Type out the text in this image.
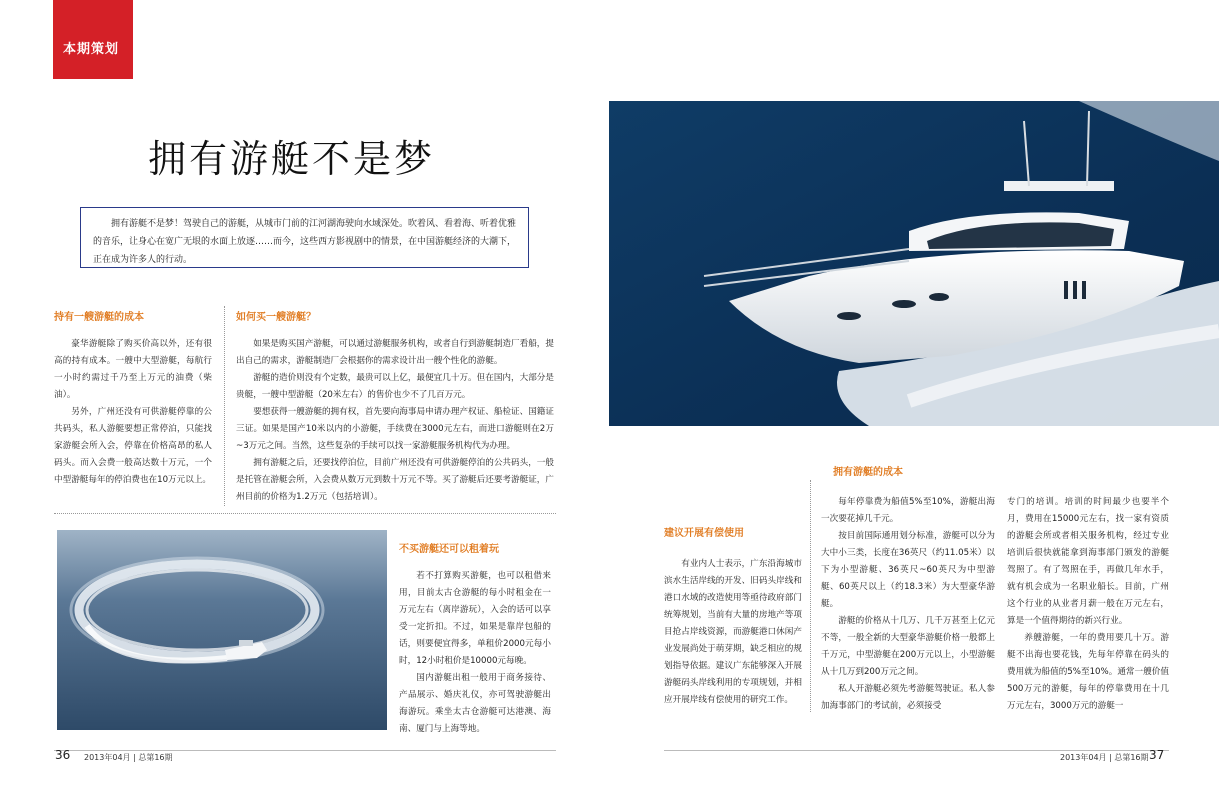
本期策划
拥有游艇不是梦
拥有游艇不是梦！驾驶自己的游艇，从城市门前的江河湖海驶向水域深处。吹着风、看着海、听着优雅的音乐，让身心在宽广无垠的水面上放逐……而今，这些西方影视剧中的情景，在中国游艇经济的大潮下，正在成为许多人的行动。
持有一艘游艇的成本

豪华游艇除了购买价高以外，还有很高的持有成本。一艘中大型游艇，每航行一小时约需过千乃至上万元的油费（柴油）。

另外，广州还没有可供游艇停靠的公共码头，私人游艇要想正常停泊，只能找家游艇会所入会，停靠在价格高昂的私人码头。而入会费一般高达数十万元，一个中型游艇每年的停泊费也在10万元以上。

如何买一艘游艇？

如果是购买国产游艇，可以通过游艇服务机构，或者自行到游艇制造厂看船，提出自己的需求，游艇制造厂会根据你的需求设计出一艘个性化的游艇。

游艇的造价则没有个定数，最贵可以上亿，最便宜几十万。但在国内，大部分是贵艇，一艘中型游艇（20米左右）的售价也少不了几百万元。

要想获得一艘游艇的拥有权，首先要向海事局申请办理产权证、船检证、国籍证三证。如果是国产10米以内的小游艇，手续费在3000元左右，而进口游艇则在2万~3万元之间。当然，这些复杂的手续可以找一家游艇服务机构代为办理。

拥有游艇之后，还要找停泊位，目前广州还没有可供游艇停泊的公共码头，一般是托管在游艇会所，入会费从数万元到数十万元不等。买了游艇后还要考游艇证，广州目前的价格为1.2万元（包括培训）。

不买游艇还可以租着玩

若不打算购买游艇，也可以租借来用，目前太古仓游艇的每小时租金在一万元左右（离岸游玩），入会的话可以享受一定折扣。不过，如果是靠岸包船的话，则要便宜得多，单租价2000元每小时，12小时租价是10000元每晚。

国内游艇出租一般用于商务接待、产品展示、婚庆礼仪，亦可驾驶游艇出海游玩。乘坐太古仓游艇可达港澳、海南、厦门与上海等地。

拥有游艇的成本

每年停靠费为船值5%至10%，游艇出海一次要花掉几千元。

按目前国际通用划分标准，游艇可以分为大中小三类，长度在36英尺（约11.05米）以下为小型游艇、36英尺~60英尺为中型游艇、60英尺以上（约18.3米）为大型豪华游艇。

游艇的价格从十几万、几千万甚至上亿元不等，一般全新的大型豪华游艇价格一般都上千万元，中型游艇在200万元以上，小型游艇从十几万到200万元之间。

私人开游艇必须先考游艇驾驶证。私人参加海事部门的考试前，必须接受

专门的培训。培训的时间最少也要半个月，费用在15000元左右，找一家有资质的游艇会所或者相关服务机构，经过专业培训后很快就能拿到海事部门颁发的游艇驾照了。有了驾照在手，再做几年水手，就有机会成为一名职业船长。目前，广州这个行业的从业者月薪一般在万元左右，算是一个值得期待的新兴行业。

养艘游艇，一年的费用要几十万。游艇不出海也要花钱，先每年停靠在码头的费用就为船值的5%至10%。通常一艘价值500万元的游艇，每年的停靠费用在十几万元左右，3000万元的游艇一

建议开展有偿使用

有业内人士表示，广东沿海城市滨水生活岸线的开发、旧码头岸线和港口水域的改造使用等亟待政府部门统筹规划，当前有大量的房地产等项目抢占岸线资源，而游艇港口休闲产业发展尚处于萌芽期，缺乏相应的规划指导依据。建议广东能够深入开展游艇码头岸线利用的专项规划，并相应开展岸线有偿使用的研究工作。

36 2013年04月 | 总第16期	2013年04月 | 总第16期 37
